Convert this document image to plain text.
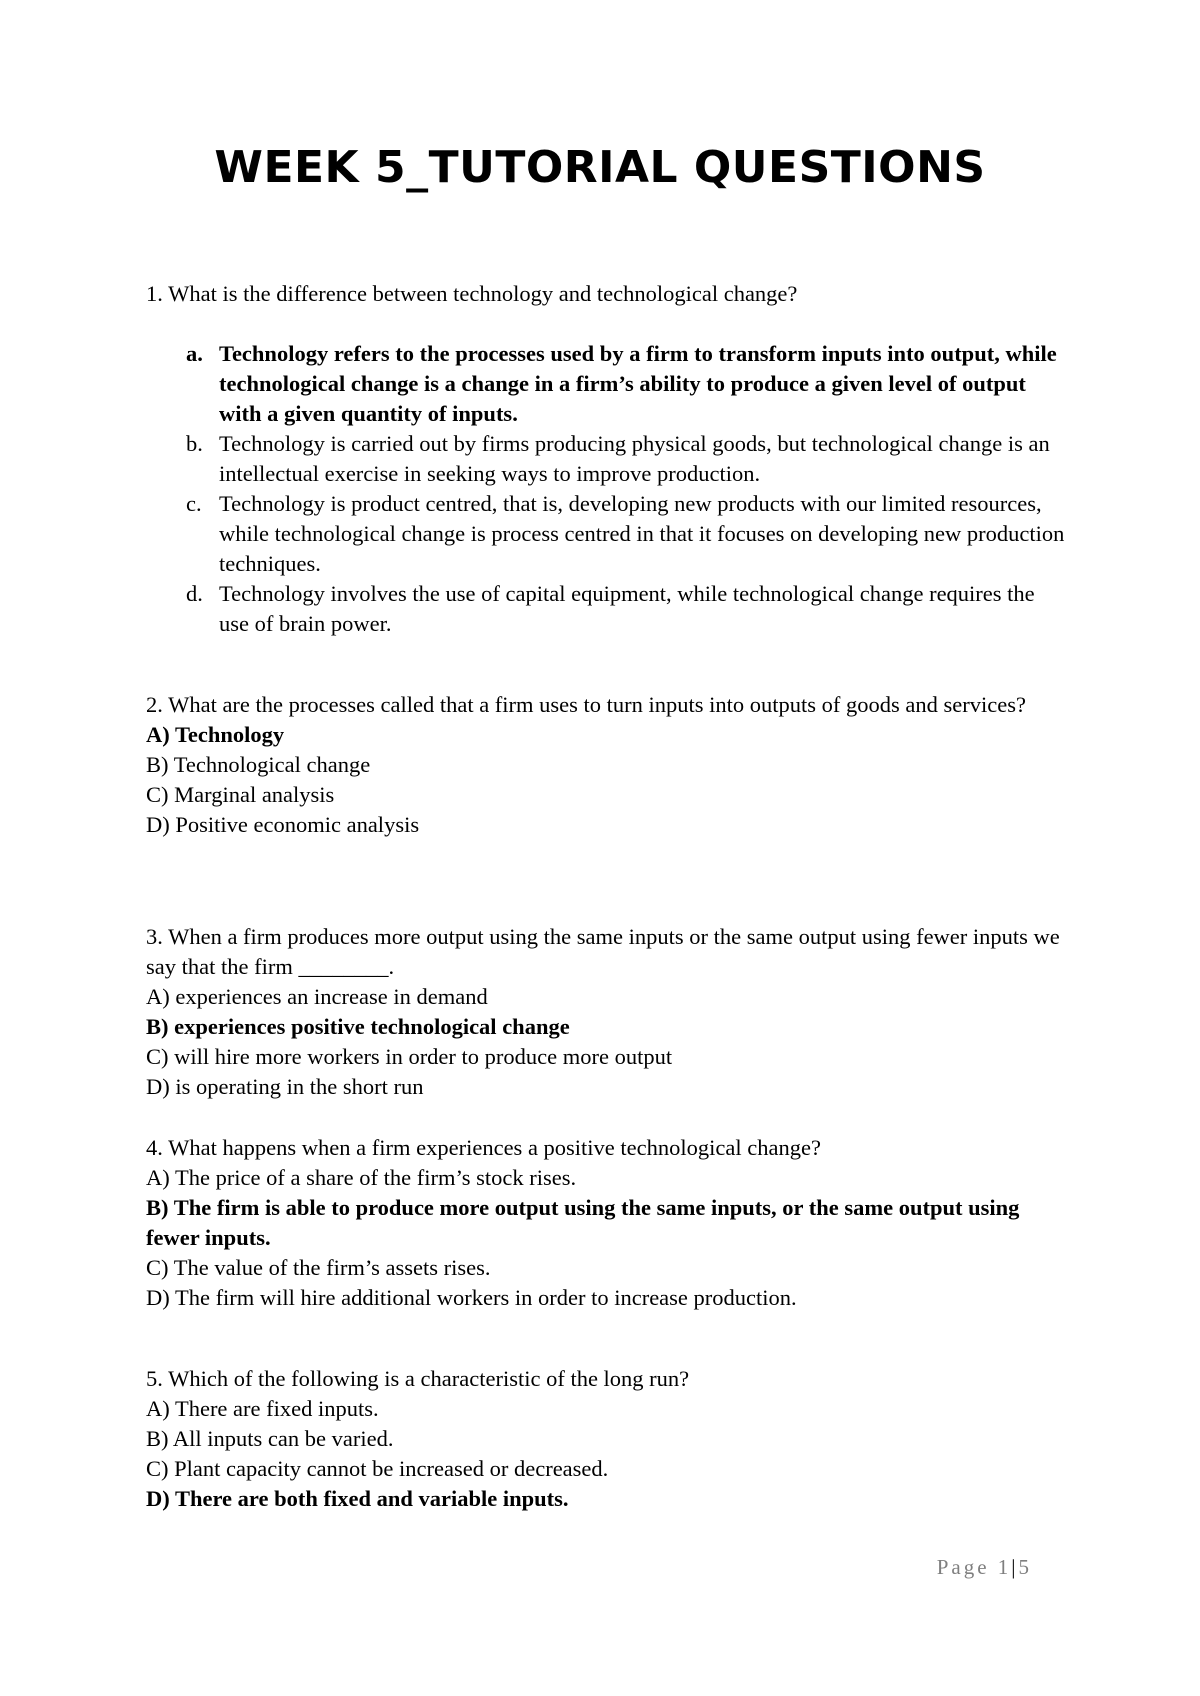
WEEK 5_TUTORIAL QUESTIONS

1. What is the difference between technology and technological change?

a. Technology refers to the processes used by a firm to transform inputs into output, while technological change is a change in a firm’s ability to produce a given level of output with a given quantity of inputs.
b. Technology is carried out by firms producing physical goods, but technological change is an intellectual exercise in seeking ways to improve production.
c. Technology is product centred, that is, developing new products with our limited resources, while technological change is process centred in that it focuses on developing new production techniques.
d. Technology involves the use of capital equipment, while technological change requires the use of brain power.

2. What are the processes called that a firm uses to turn inputs into outputs of goods and services?

A) Technology
B) Technological change
C) Marginal analysis
D) Positive economic analysis

3. When a firm produces more output using the same inputs or the same output using fewer inputs we say that the firm ________.

A) experiences an increase in demand
B) experiences positive technological change
C) will hire more workers in order to produce more output
D) is operating in the short run

4. What happens when a firm experiences a positive technological change?

A) The price of a share of the firm’s stock rises.
B) The firm is able to produce more output using the same inputs, or the same output using fewer inputs.
C) The value of the firm’s assets rises.
D) The firm will hire additional workers in order to increase production.

5. Which of the following is a characteristic of the long run?

A) There are fixed inputs.
B) All inputs can be varied.
C) Plant capacity cannot be increased or decreased.
D) There are both fixed and variable inputs.
Page 1|5
